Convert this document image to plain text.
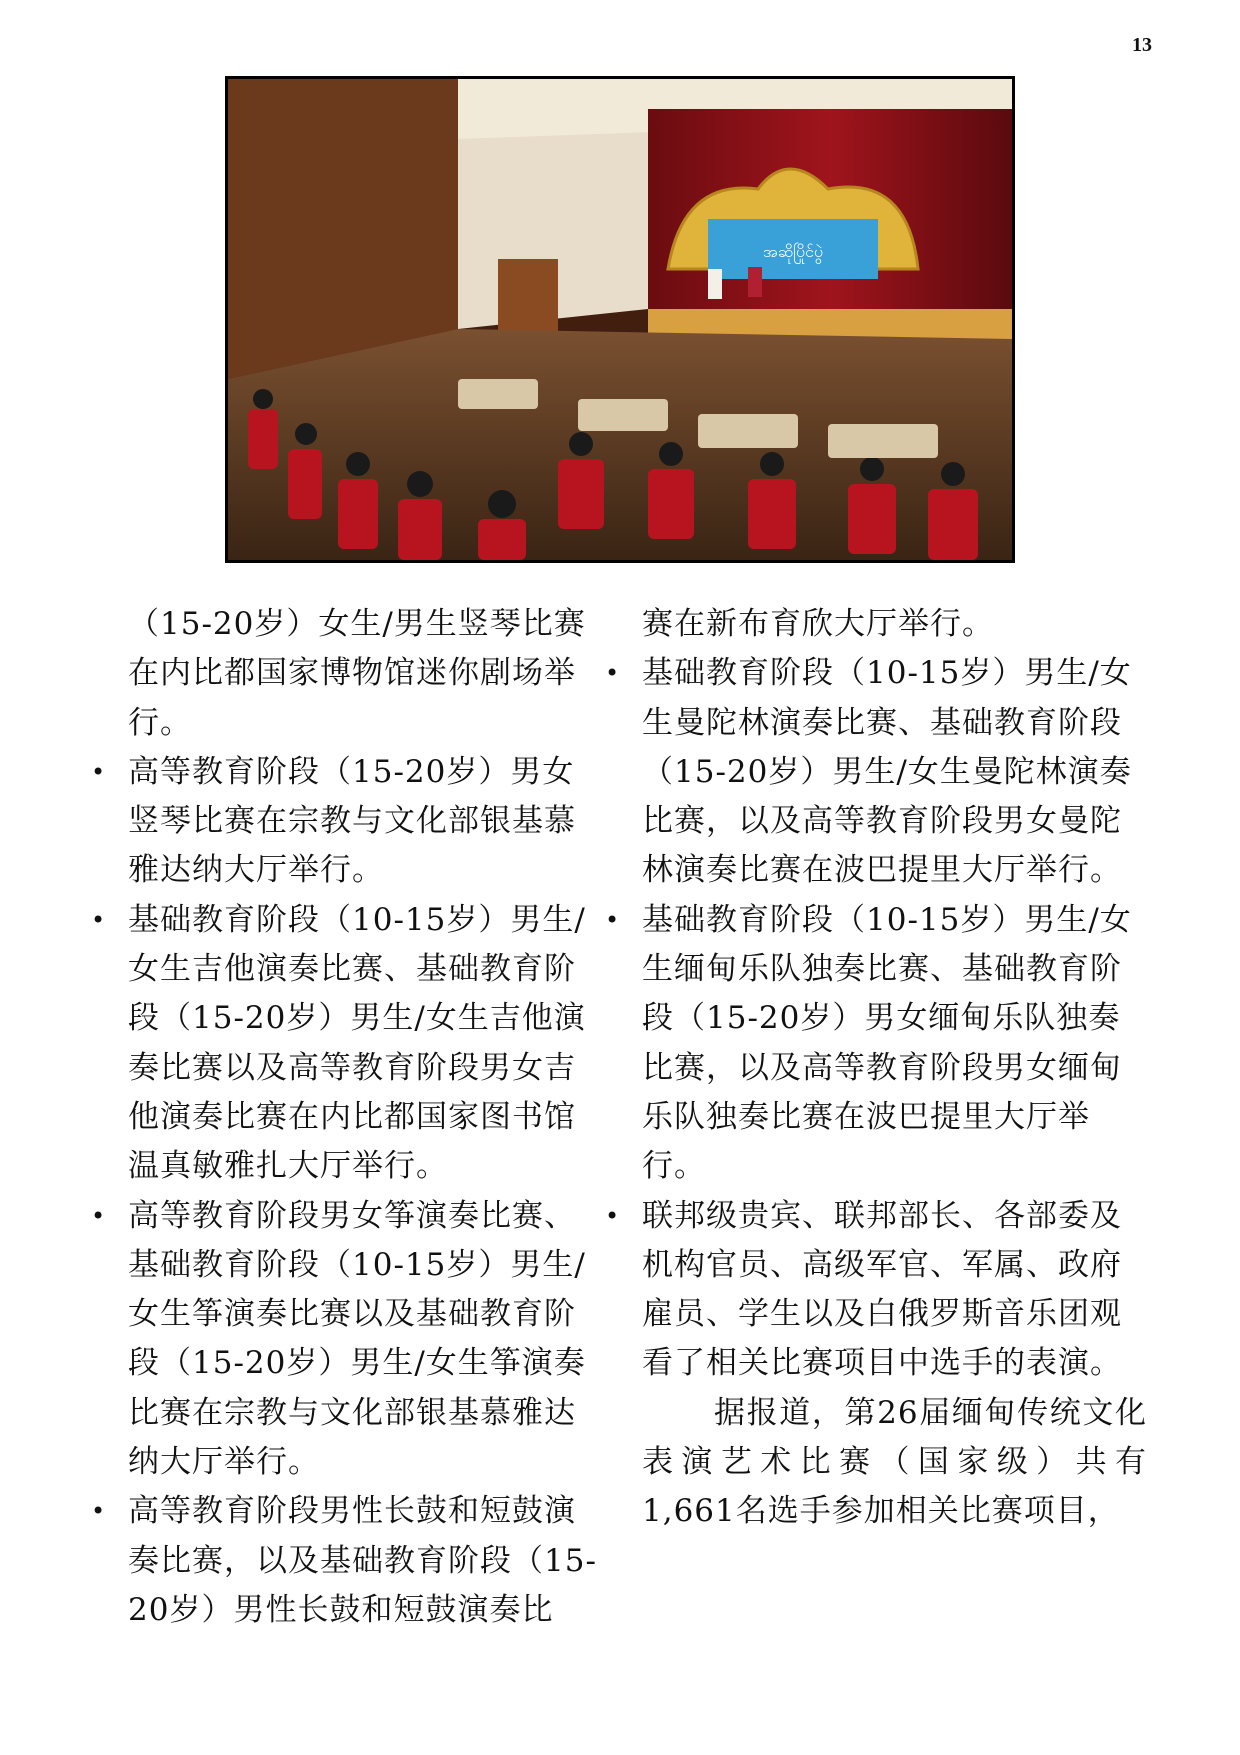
13
အဆိုပြိုင်ပွဲ

（15-20岁）女生/男生竖琴比赛在内比都国家博物馆迷你剧场举行。

• 高等教育阶段（15-20岁）男女竖琴比赛在宗教与文化部银基慕雅达纳大厅举行。

• 基础教育阶段（10-15岁）男生/女生吉他演奏比赛、基础教育阶段（15-20岁）男生/女生吉他演奏比赛以及高等教育阶段男女吉他演奏比赛在内比都国家图书馆温真敏雅扎大厅举行。

• 高等教育阶段男女筝演奏比赛、基础教育阶段（10-15岁）男生/女生筝演奏比赛以及基础教育阶段（15-20岁）男生/女生筝演奏比赛在宗教与文化部银基慕雅达纳大厅举行。

• 高等教育阶段男性长鼓和短鼓演奏比赛，以及基础教育阶段（15-20岁）男性长鼓和短鼓演奏比

赛在新布育欣大厅举行。

• 基础教育阶段（10-15岁）男生/女生曼陀林演奏比赛、基础教育阶段（15-20岁）男生/女生曼陀林演奏比赛，以及高等教育阶段男女曼陀林演奏比赛在波巴提里大厅举行。

• 基础教育阶段（10-15岁）男生/女生缅甸乐队独奏比赛、基础教育阶段（15-20岁）男女缅甸乐队独奏比赛，以及高等教育阶段男女缅甸乐队独奏比赛在波巴提里大厅举行。

• 联邦级贵宾、联邦部长、各部委及机构官员、高级军官、军属、政府雇员、学生以及白俄罗斯音乐团观看了相关比赛项目中选手的表演。

据报道，第26届缅甸传统文化表演艺术比赛（国家级）共有1,661名选手参加相关比赛项目，
